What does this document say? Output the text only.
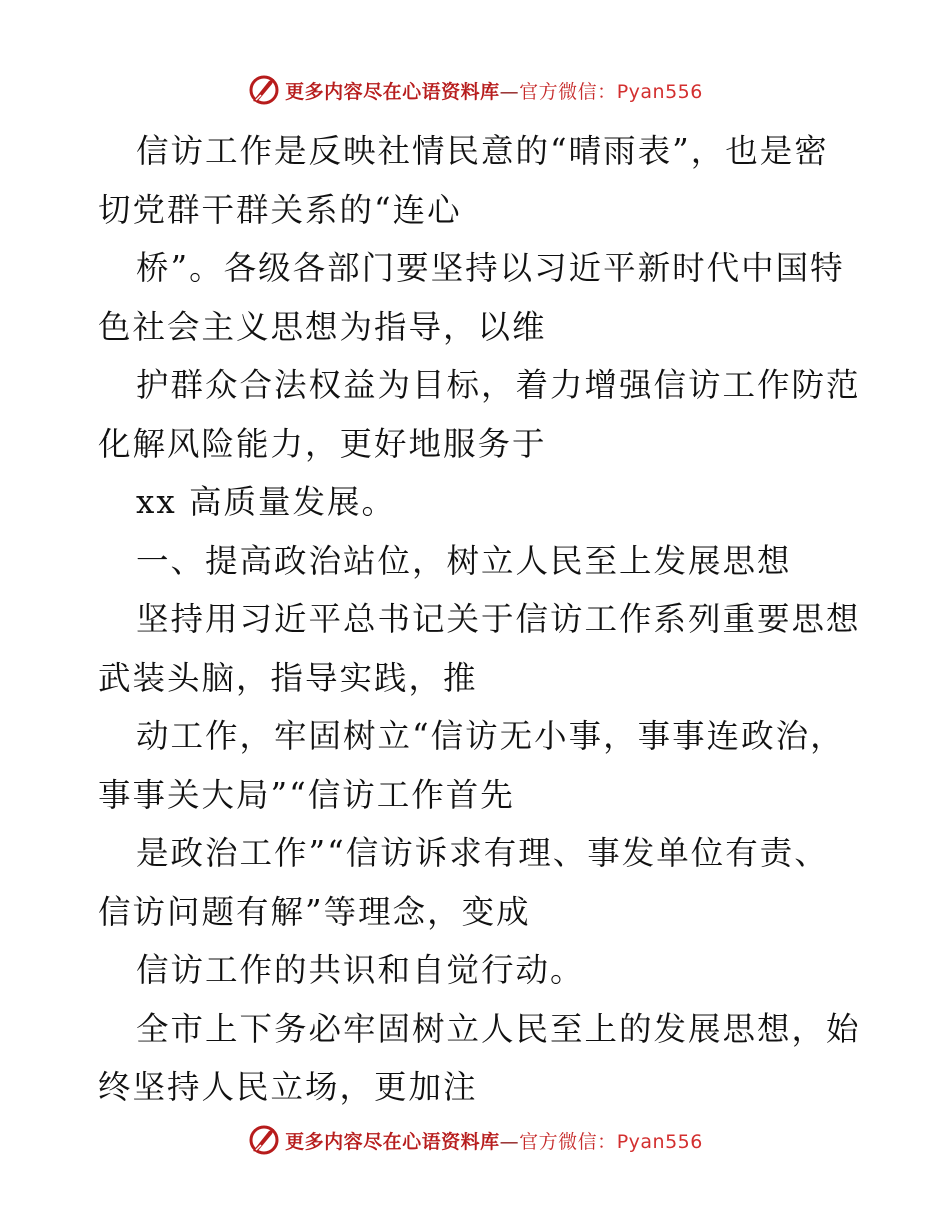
更多内容尽在心语资料库—官方微信：Pyan556
信访工作是反映社情民意的“晴雨表”，也是密
切党群干群关系的“连心
桥”。各级各部门要坚持以习近平新时代中国特
色社会主义思想为指导，以维
护群众合法权益为目标，着力增强信访工作防范
化解风险能力，更好地服务于
xx 高质量发展。
一、提高政治站位，树立人民至上发展思想
坚持用习近平总书记关于信访工作系列重要思想
武装头脑，指导实践，推
动工作，牢固树立“信访无小事，事事连政治，
事事关大局”“信访工作首先
是政治工作”“信访诉求有理、事发单位有责、
信访问题有解”等理念，变成
信访工作的共识和自觉行动。
全市上下务必牢固树立人民至上的发展思想，始
终坚持人民立场，更加注
更多内容尽在心语资料库—官方微信：Pyan556
